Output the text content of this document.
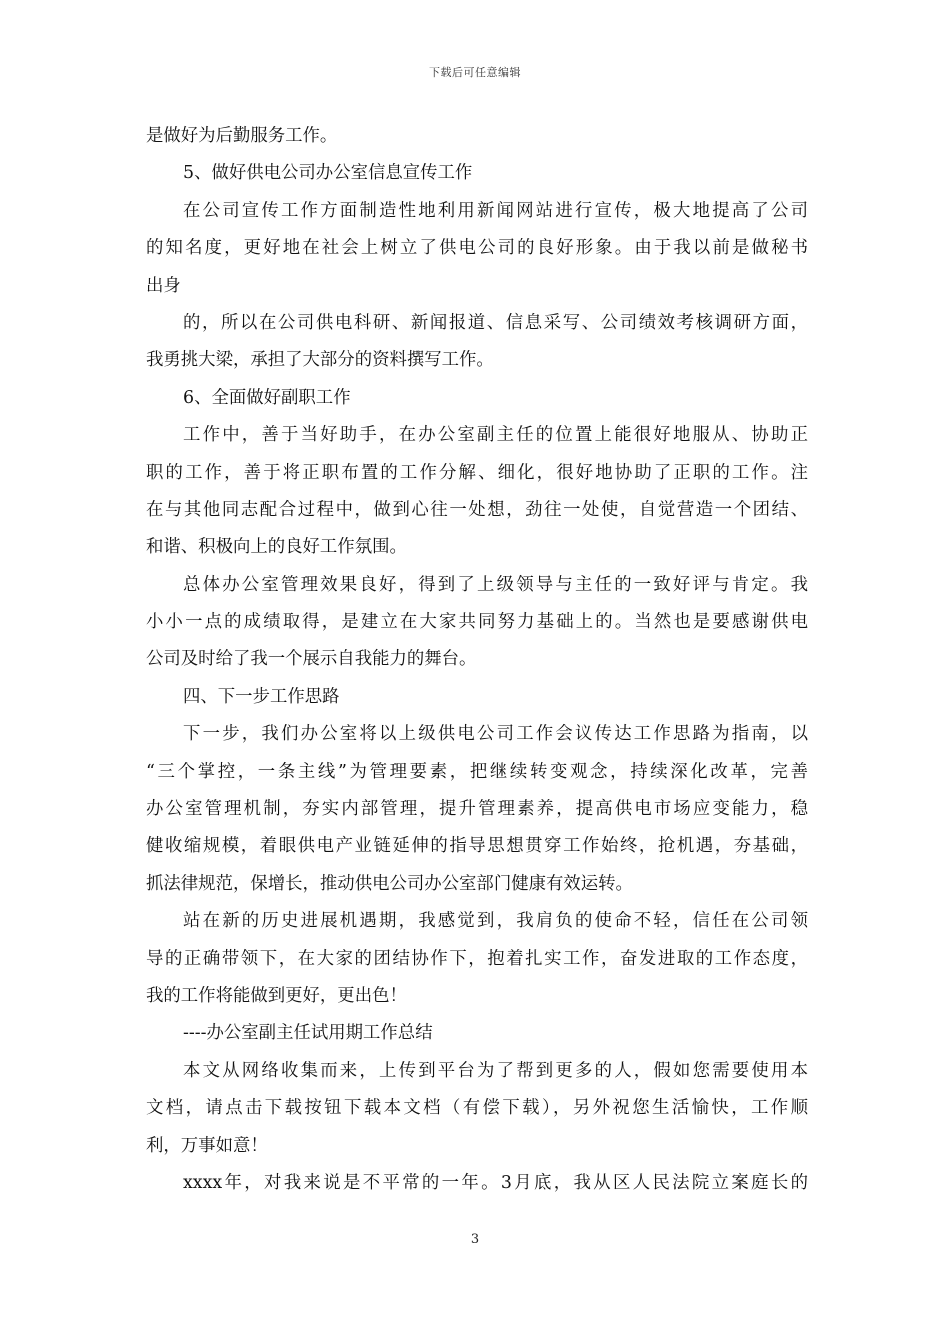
下载后可任意编辑
是做好为后勤服务工作。
5、做好供电公司办公室信息宣传工作
在公司宣传工作方面制造性地利用新闻网站进行宣传，极大地提高了公司
的知名度，更好地在社会上树立了供电公司的良好形象。由于我以前是做秘书
出身
的，所以在公司供电科研、新闻报道、信息采写、公司绩效考核调研方面，
我勇挑大梁，承担了大部分的资料撰写工作。
6、全面做好副职工作
工作中，善于当好助手，在办公室副主任的位置上能很好地服从、协助正
职的工作，善于将正职布置的工作分解、细化，很好地协助了正职的工作。注
在与其他同志配合过程中，做到心往一处想，劲往一处使，自觉营造一个团结、
和谐、积极向上的良好工作氛围。
总体办公室管理效果良好，得到了上级领导与主任的一致好评与肯定。我
小小一点的成绩取得，是建立在大家共同努力基础上的。当然也是要感谢供电
公司及时给了我一个展示自我能力的舞台。
四、下一步工作思路
下一步，我们办公室将以上级供电公司工作会议传达工作思路为指南，以
“三个掌控，一条主线”为管理要素，把继续转变观念，持续深化改革，完善
办公室管理机制，夯实内部管理，提升管理素养，提高供电市场应变能力，稳
健收缩规模，着眼供电产业链延伸的指导思想贯穿工作始终，抢机遇，夯基础，
抓法律规范，保增长，推动供电公司办公室部门健康有效运转。
站在新的历史进展机遇期，我感觉到，我肩负的使命不轻，信任在公司领
导的正确带领下，在大家的团结协作下，抱着扎实工作，奋发进取的工作态度，
我的工作将能做到更好，更出色！
----办公室副主任试用期工作总结
本文从网络收集而来，上传到平台为了帮到更多的人，假如您需要使用本
文档，请点击下载按钮下载本文档（有偿下载），另外祝您生活愉快，工作顺
利，万事如意！
xxxx年，对我来说是不平常的一年。3月底，我从区人民法院立案庭长的
3
